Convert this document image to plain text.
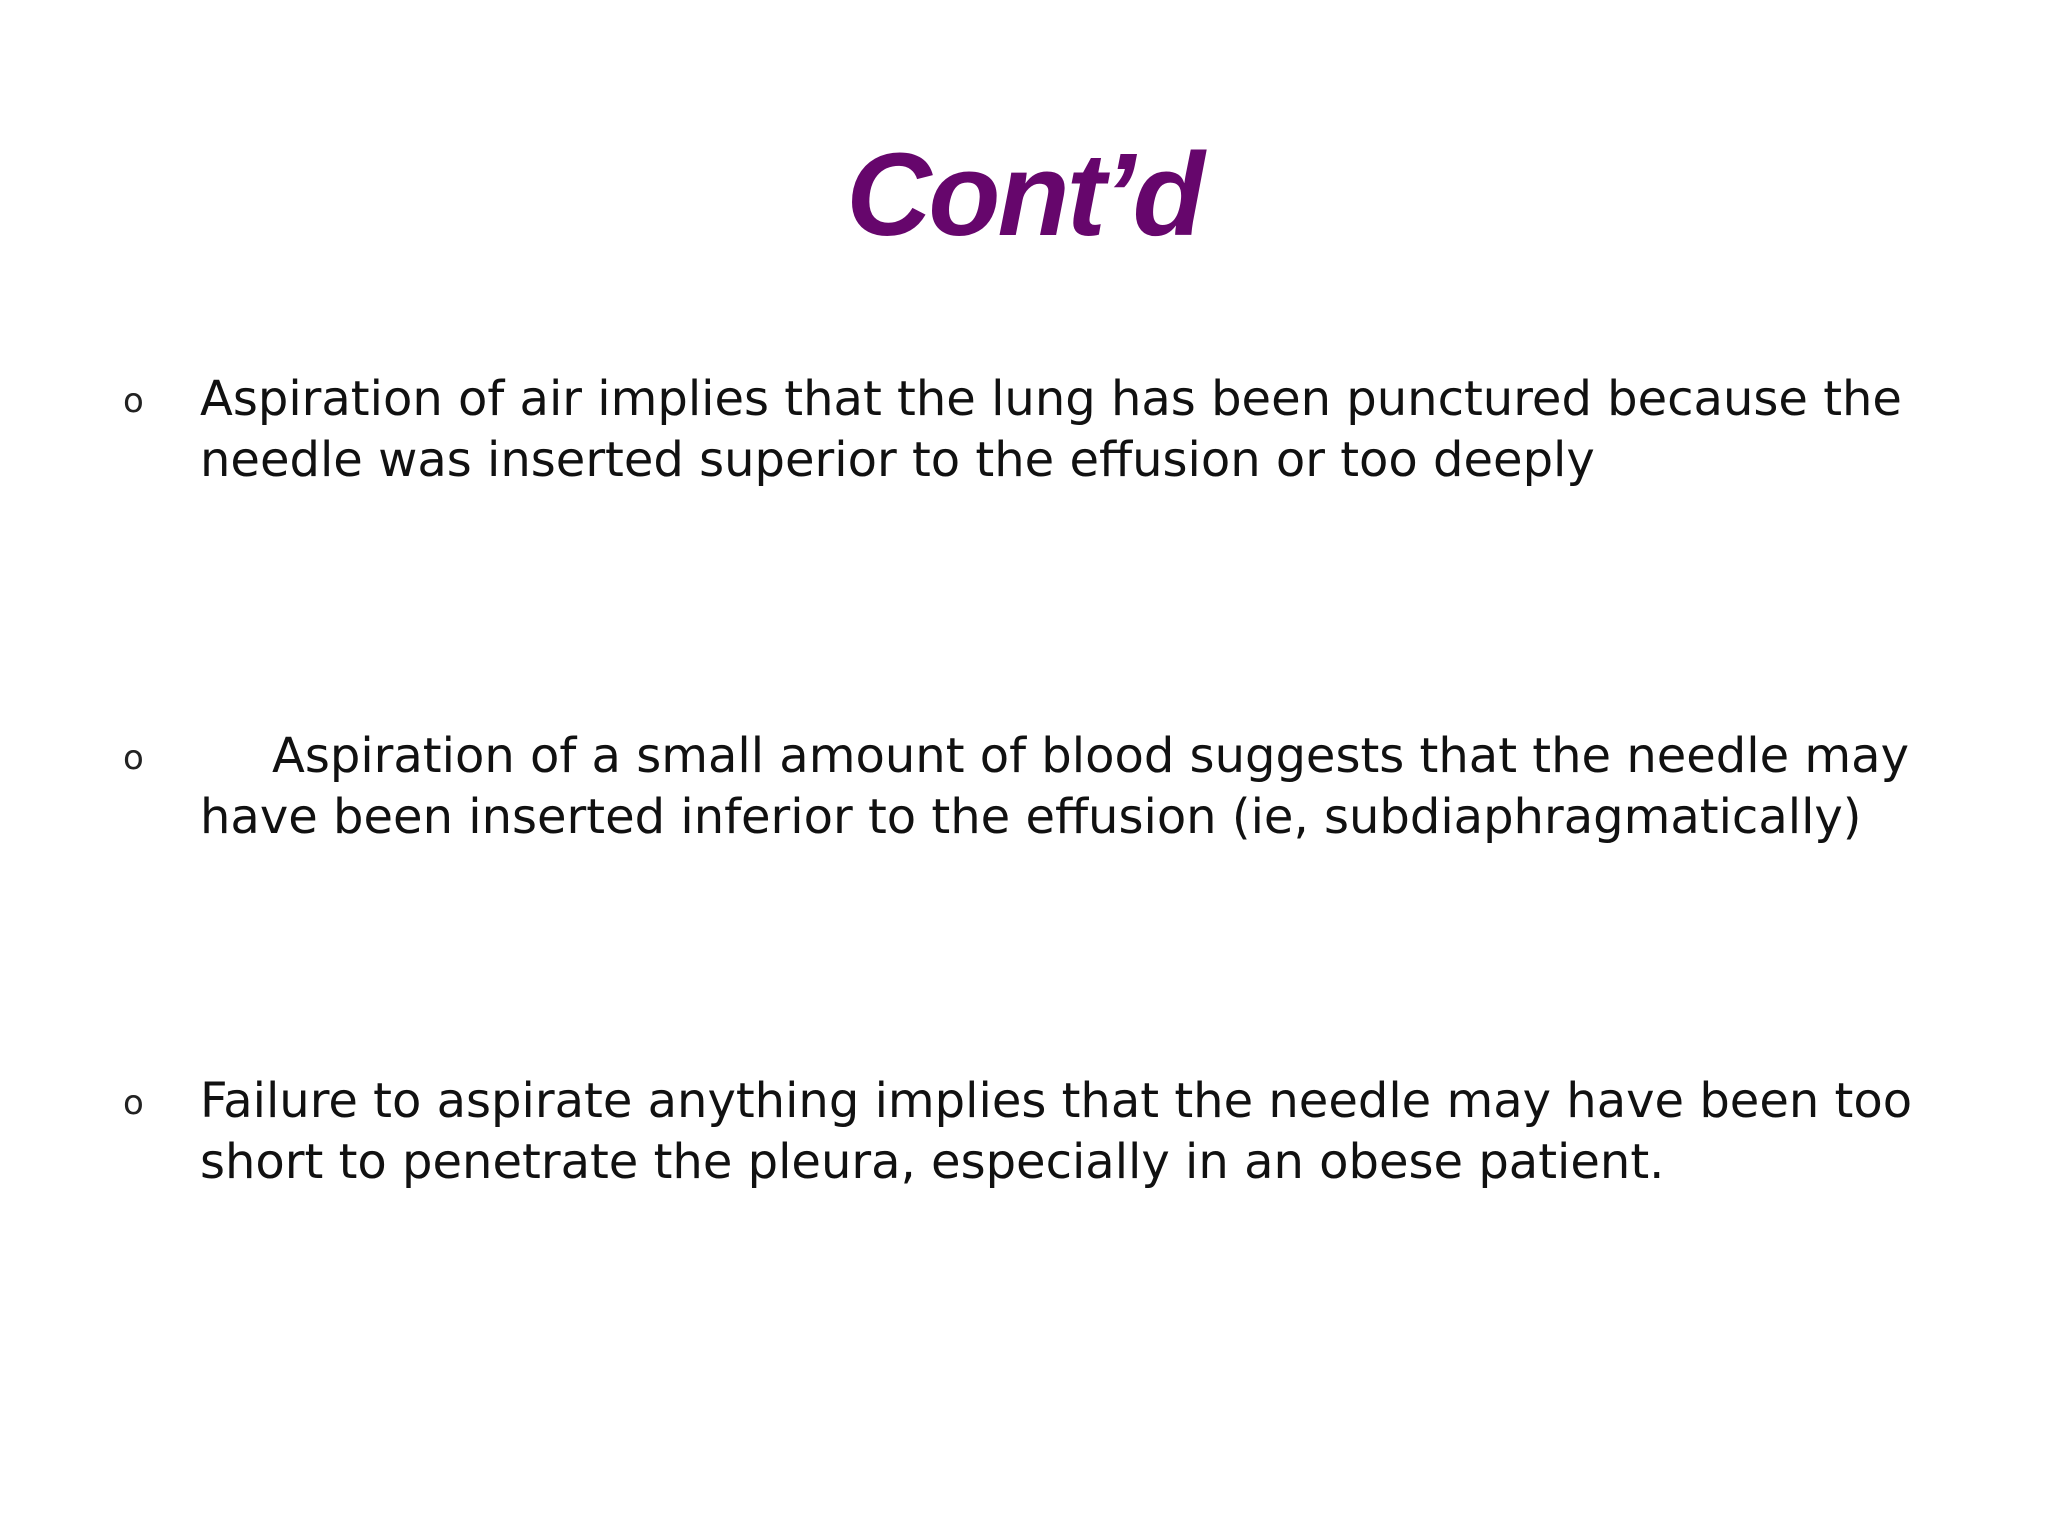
Cont’d
o Aspiration of air implies that the lung has been punctured because the needle was inserted superior to the effusion or too deeply

o	Aspiration of a small amount of blood suggests that the needle may have been inserted inferior to the effusion (ie, subdiaphragmatically)

o Failure to aspirate anything implies that the needle may have been too short to penetrate the pleura, especially in an obese patient.
